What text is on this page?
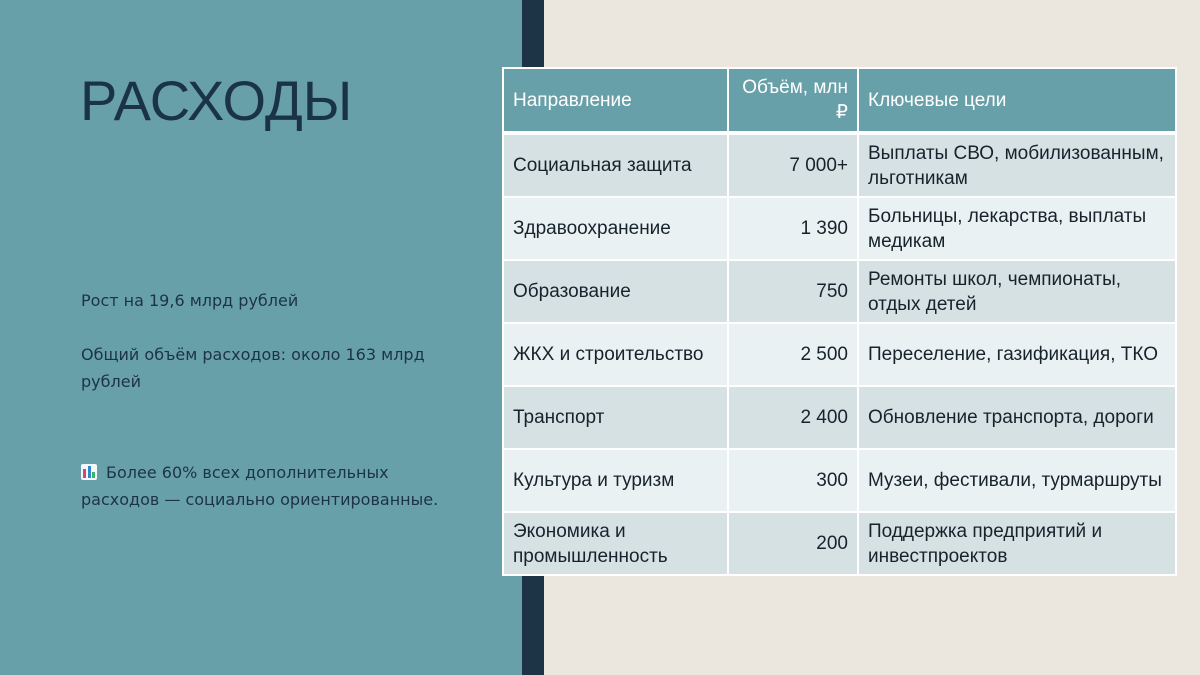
РАСХОДЫ
Рост на 19,6 млрд рублей
Общий объём расходов: около 163 млрд рублей
Более 60% всех дополнительных расходов — социально ориентированные.
Направление	Объём, млн ₽	Ключевые цели
Социальная защита	7 000+	Выплаты СВО, мобилизованным, льготникам
Здравоохранение	1 390	Больницы, лекарства, выплаты медикам
Образование	750	Ремонты школ, чемпионаты, отдых детей
ЖКХ и строительство	2 500	Переселение, газификация, ТКО
Транспорт	2 400	Обновление транспорта, дороги
Культура и туризм	300	Музеи, фестивали, турмаршруты
Экономика и промышленность	200	Поддержка предприятий и инвестпроектов
